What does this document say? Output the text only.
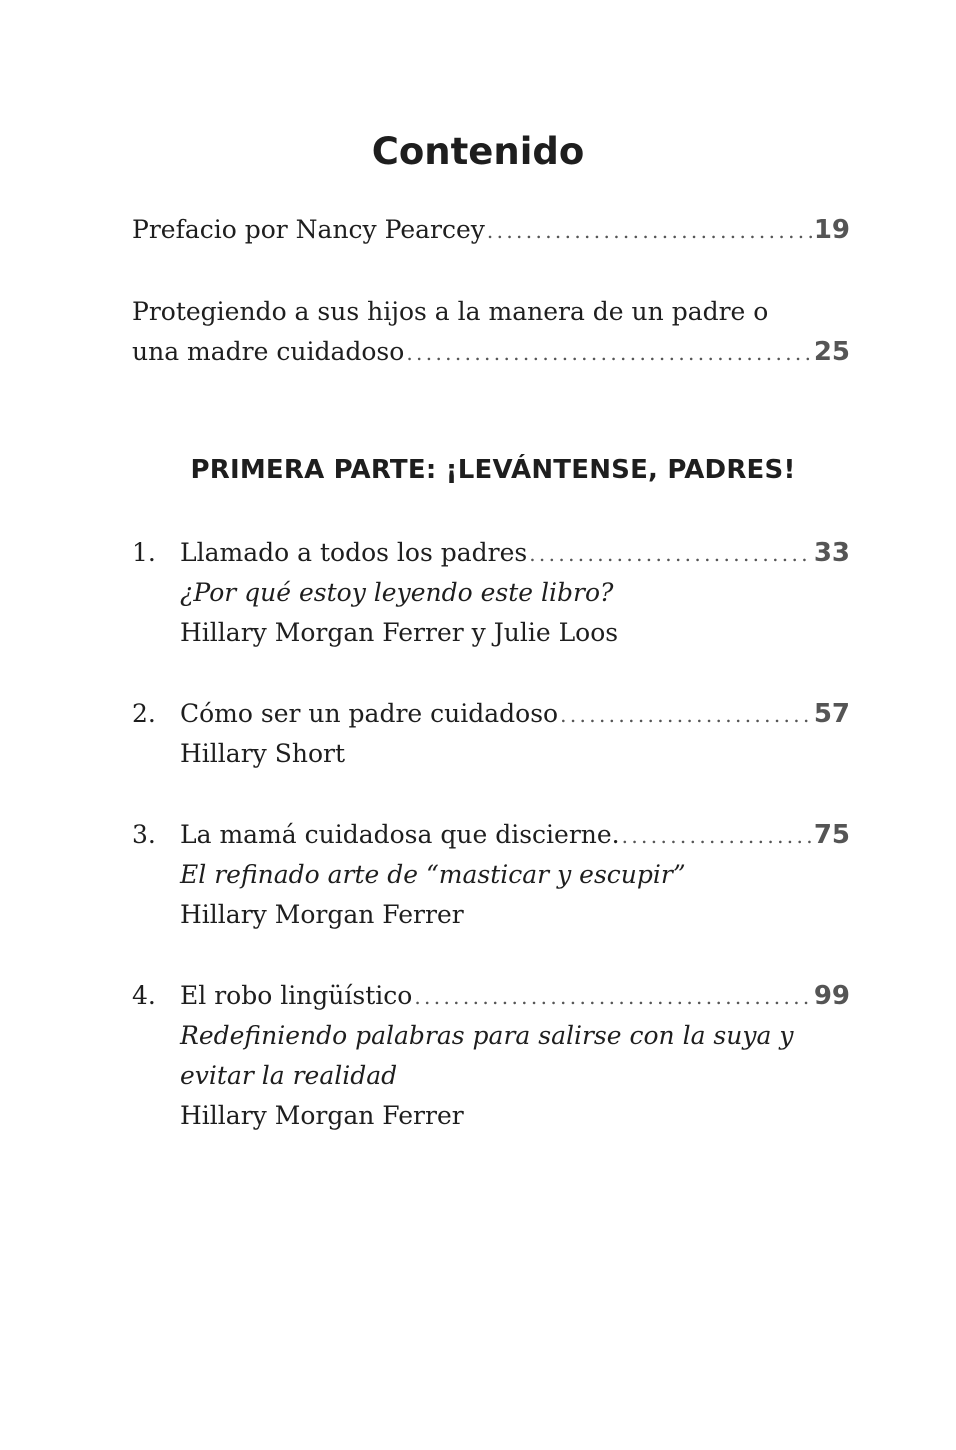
Contenido
Prefacio por Nancy Pearcey . . .	19
Protegiendo a sus hijos a la manera de un padre o
una madre cuidadoso . . .	25
PRIMERA PARTE: ¡LEVÁNTENSE, PADRES!
1. Llamado a todos los padres . . .	33
¿Por qué estoy leyendo este libro?
Hillary Morgan Ferrer y Julie Loos
2. Cómo ser un padre cuidadoso . . .	57
Hillary Short
3. La mamá cuidadosa que discierne. . . .	75
El refinado arte de “masticar y escupir”
Hillary Morgan Ferrer
4. El robo lingüístico . . .	99
Redefiniendo palabras para salirse con la suya y
evitar la realidad
Hillary Morgan Ferrer
